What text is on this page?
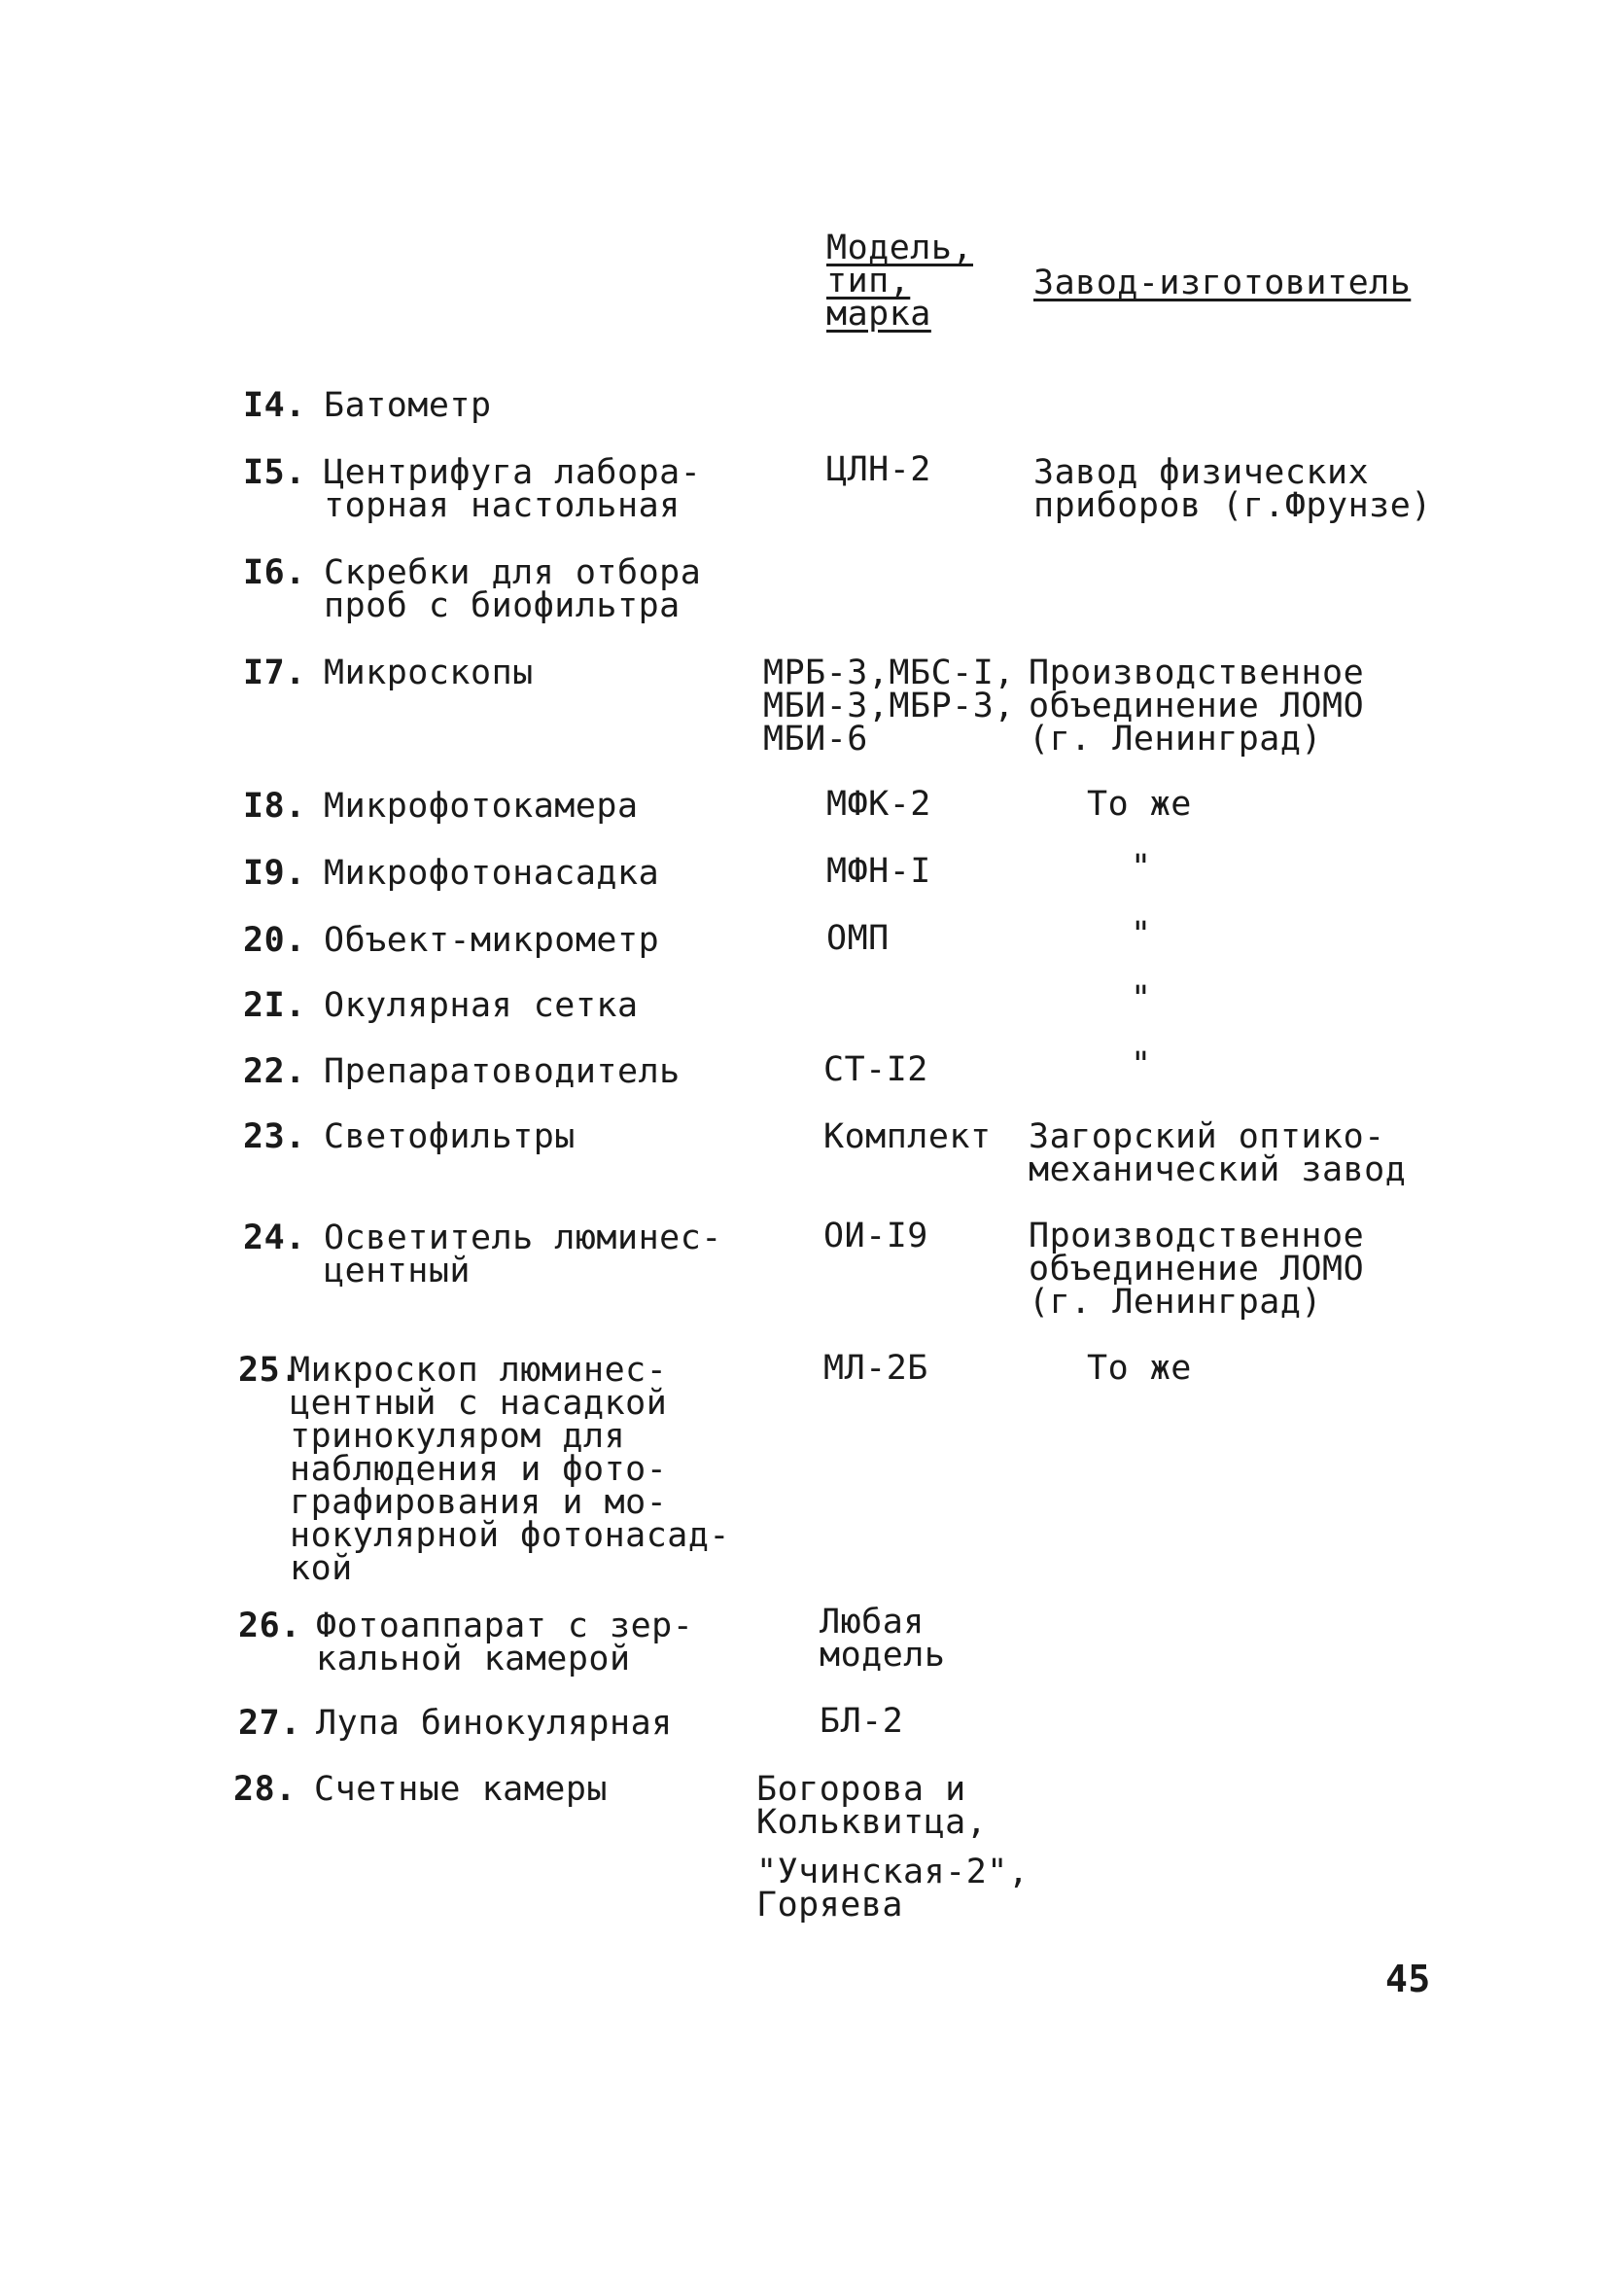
Модель,
тип,
марка
Завод-изготовитель
I4. Батометр
I5. Центрифуга лабора-
торная настольная
ЦЛН-2	Завод физических
приборов (г.Фрунзе)
I6. Скребки для отбора
проб с биофильтра
I7. Микроскопы	МРБ-3,МБС-I,
МБИ-3,МБР-3,
МБИ-6
Производственное
объединение ЛОМО
(г. Ленинград)
I8. Микрофотокамера	МФК-2	То же
I9. Микрофотонасадка	МФН-I	"
20. Объект-микрометр	ОМП	"
2I. Окулярная сетка	"
22. Препаратоводитель	СТ-I2	"
23. Светофильтры	Комплект Загорский оптико-
механический завод
24. Осветитель люминес-
центный
ОИ-I9	Производственное
объединение ЛОМО
(г. Ленинград)
25.
Микроскоп люминес-
центный с насадкой
тринокуляром для
наблюдения и фото-
графирования и мо-
нокулярной фотонасад-
кой
МЛ-2Б	То же
26. Фотоаппарат с зер-
кальной камерой
Любая
модель
27. Лупа бинокулярная	БЛ-2
28. Счетные камеры	Богорова и
Кольквитца,
"Учинская-2",
Горяева
45
